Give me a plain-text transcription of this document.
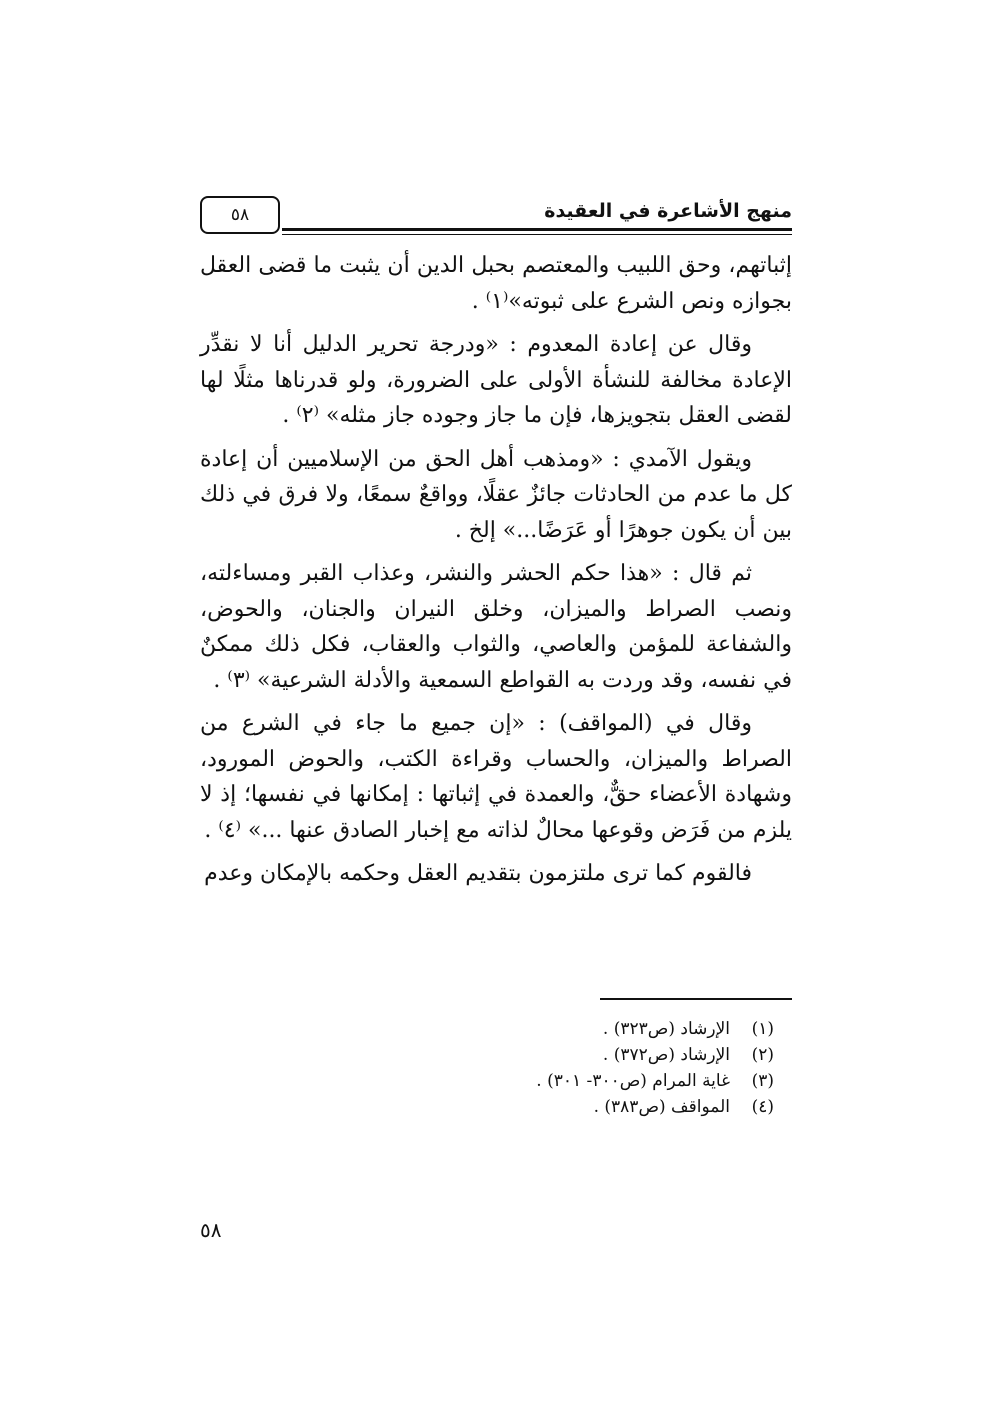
٥٨	منهج الأشاعرة في العقيدة

إثباتهم، وحق اللبيب والمعتصم بحبل الدين أن يثبت ما قضى العقل بجوازه ونص الشرع على ثبوته»⁽١⁾ .

وقال عن إعادة المعدوم : «ودرجة تحرير الدليل أنا لا نقدِّر الإعادة مخالفة للنشأة الأولى على الضرورة، ولو قدرناها مثلًا لها لقضى العقل بتجويزها، فإن ما جاز وجوده جاز مثله» ⁽٢⁾ .

ويقول الآمدي : «ومذهب أهل الحق من الإسلاميين أن إعادة كل ما عدم من الحادثات جائزٌ عقلًا، وواقعٌ سمعًا، ولا فرق في ذلك بين أن يكون جوهرًا أو عَرَضًا...» إلخ .

ثم قال : «هذا حكم الحشر والنشر، وعذاب القبر ومساءلته، ونصب الصراط والميزان، وخلق النيران والجنان، والحوض، والشفاعة للمؤمن والعاصي، والثواب والعقاب، فكل ذلك ممكنٌ في نفسه، وقد وردت به القواطع السمعية والأدلة الشرعية» ⁽٣⁾ .

وقال في (المواقف) : «إن جميع ما جاء في الشرع من الصراط والميزان، والحساب وقراءة الكتب، والحوض المورود، وشهادة الأعضاء حقٌّ، والعمدة في إثباتها : إمكانها في نفسها؛ إذ لا يلزم من فَرَض وقوعها محالٌ لذاته مع إخبار الصادق عنها ...» ⁽٤⁾ .

فالقوم كما ترى ملتزمون بتقديم العقل وحكمه بالإمكان وعدم

(١)الإرشاد (ص٣٢٣) .
(٢)الإرشاد (ص٣٧٢) .
(٣)غاية المرام (ص٣٠٠- ٣٠١) .
(٤)المواقف (ص٣٨٣) .
٥٨
